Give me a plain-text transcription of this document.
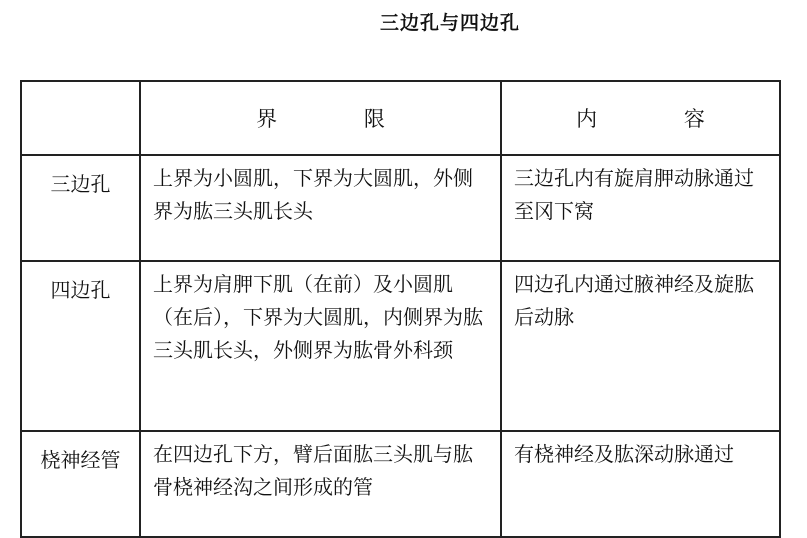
三边孔与四边孔
	界 限	内 容
三边孔	上界为小圆肌，下界为大圆肌，外侧界为肱三头肌长头	三边孔内有旋肩胛动脉通过至冈下窝
四边孔	上界为肩胛下肌（在前）及小圆肌（在后），下界为大圆肌，内侧界为肱三头肌长头，外侧界为肱骨外科颈	四边孔内通过腋神经及旋肱后动脉
桡神经管	在四边孔下方，臂后面肱三头肌与肱骨桡神经沟之间形成的管	有桡神经及肱深动脉通过
